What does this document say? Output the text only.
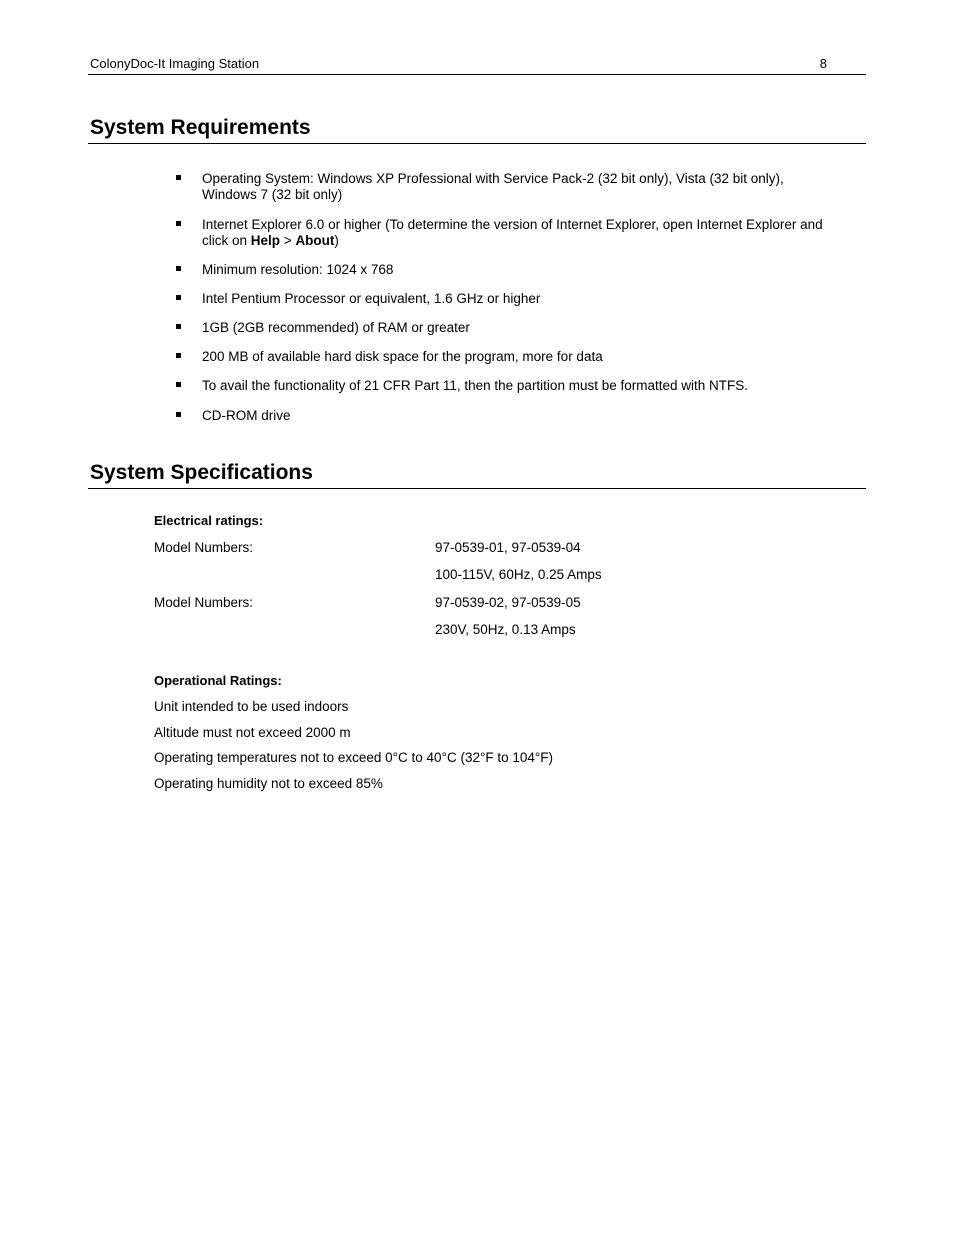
ColonyDoc-It Imaging Station	8
System Requirements
Operating System: Windows XP Professional with Service Pack-2 (32 bit only), Vista (32 bit only),
Windows 7 (32 bit only)
Internet Explorer 6.0 or higher (To determine the version of Internet Explorer, open Internet Explorer and
click on Help > About)
Minimum resolution: 1024 x 768
Intel Pentium Processor or equivalent, 1.6 GHz or higher
1GB (2GB recommended) of RAM or greater
200 MB of available hard disk space for the program, more for data
To avail the functionality of 21 CFR Part 11, then the partition must be formatted with NTFS.
CD-ROM drive
System Specifications
Electrical ratings:
Model Numbers:	97-0539-01, 97-0539-04
100-115V, 60Hz, 0.25 Amps
Model Numbers:	97-0539-02, 97-0539-05
230V, 50Hz, 0.13 Amps
Operational Ratings:
Unit intended to be used indoors
Altitude must not exceed 2000 m
Operating temperatures not to exceed 0°C to 40°C (32°F to 104°F)
Operating humidity not to exceed 85%
